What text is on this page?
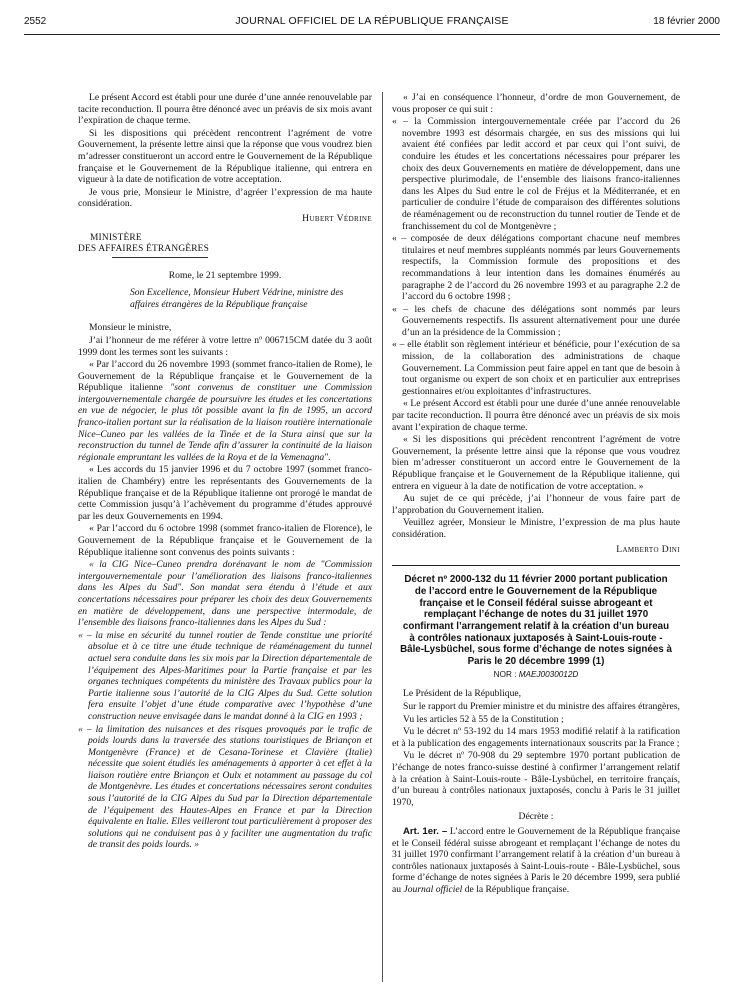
2552	JOURNAL OFFICIEL DE LA RÉPUBLIQUE FRANÇAISE	18 février 2000

Le présent Accord est établi pour une durée d’une année renouvelable par tacite reconduction. Il pourra être dénoncé avec un préavis de six mois avant l’expiration de chaque terme.

Si les dispositions qui précèdent rencontrent l’agrément de votre Gouvernement, la présente lettre ainsi que la réponse que vous voudrez bien m’adresser constitueront un accord entre le Gouvernement de la République française et le Gouvernement de la République italienne, qui entrera en vigueur à la date de notification de votre acceptation.

Je vous prie, Monsieur le Ministre, d’agréer l’expression de ma haute considération.

Hubert Védrine

MINISTÈRE

DES AFFAIRES ÉTRANGÈRES

Rome, le 21 septembre 1999.

Son Excellence, Monsieur Hubert Védrine, ministre des affaires étrangères de la République française

Monsieur le ministre,

J’ai l’honneur de me référer à votre lettre nº 006715CM datée du 3 août 1999 dont les termes sont les suivants :

« Par l’accord du 26 novembre 1993 (sommet franco-italien de Rome), le Gouvernement de la République française et le Gouvernement de la République italienne "sont convenus de constituer une Commission intergouvernementale chargée de poursuivre les études et les concertations en vue de négocier, le plus tôt possible avant la fin de 1995, un accord franco-italien portant sur la réalisation de la liaison routière internationale Nice–Cuneo par les vallées de la Tinée et de la Stura ainsi que sur la reconstruction du tunnel de Tende afin d’assurer la continuité de la liaison régionale empruntant les vallées de la Roya et de la Vemenagna".

« Les accords du 15 janvier 1996 et du 7 octobre 1997 (sommet franco-italien de Chambéry) entre les représentants des Gouvernements de la République française et de la République italienne ont prorogé le mandat de cette Commission jusqu’à l’achèvement du programme d’études approuvé par les deux Gouvernements en 1994.

« Par l’accord du 6 octobre 1998 (sommet franco-italien de Florence), le Gouvernement de la République française et le Gouvernement de la République italienne sont convenus des points suivants :

« la CIG Nice–Cuneo prendra dorénavant le nom de "Commission intergouvernementale pour l’amélioration des liaisons franco-italiennes dans les Alpes du Sud". Son mandat sera étendu à l’étude et aux concertations nécessaires pour préparer les choix des deux Gouvernements en matière de développement, dans une perspective intermodale, de l’ensemble des liaisons franco-italiennes dans les Alpes du Sud :

« – la mise en sécurité du tunnel routier de Tende constitue une priorité absolue et à ce titre une étude technique de réaménagement du tunnel actuel sera conduite dans les six mois par la Direction départementale de l’équipement des Alpes-Maritimes pour la Partie française et par les organes techniques compétents du ministère des Travaux publics pour la Partie italienne sous l’autorité de la CIG Alpes du Sud. Cette solution fera ensuite l’objet d’une étude comparative avec l’hypothèse d’une construction neuve envisagée dans le mandat donné à la CIG en 1993 ;

« – la limitation des nuisances et des risques provoqués par le trafic de poids lourds dans la traversée des stations touristiques de Briançon et Montgenèvre (France) et de Cesana-Torinese et Clavière (Italie) nécessite que soient étudiés les aménagements à apporter à cet effet à la liaison routière entre Briançon et Oulx et notamment au passage du col de Montgenèvre. Les études et concertations nécessaires seront conduites sous l’autorité de la CIG Alpes du Sud par la Direction départementale de l’équipement des Hautes-Alpes en France et par la Direction équivalente en Italie. Elles veilleront tout particulièrement à proposer des solutions qui ne conduisent pas à y faciliter une augmentation du trafic de transit des poids lourds. »

« J’ai en conséquence l’honneur, d’ordre de mon Gouvernement, de vous proposer ce qui suit :

« – la Commission intergouvernementale créée par l’accord du 26 novembre 1993 est désormais chargée, en sus des missions qui lui avaient été confiées par ledit accord et par ceux qui l’ont suivi, de conduire les études et les concertations nécessaires pour préparer les choix des deux Gouvernements en matière de développement, dans une perspective plurimodale, de l’ensemble des liaisons franco-italiennes dans les Alpes du Sud entre le col de Fréjus et la Méditerranée, et en particulier de conduire l’étude de comparaison des différentes solutions de réaménagement ou de reconstruction du tunnel routier de Tende et de franchissement du col de Montgenèvre ;

« – composée de deux délégations comportant chacune neuf membres titulaires et neuf membres suppléants nommés par leurs Gouvernements respectifs, la Commission formule des propositions et des recommandations à leur intention dans les domaines énumérés au paragraphe 2 de l’accord du 26 novembre 1993 et au paragraphe 2.2 de l’accord du 6 octobre 1998 ;

« – les chefs de chacune des délégations sont nommés par leurs Gouvernements respectifs. Ils assurent alternativement pour une durée d’un an la présidence de la Commission ;

« – elle établit son règlement intérieur et bénéficie, pour l’exécution de sa mission, de la collaboration des administrations de chaque Gouvernement. La Commission peut faire appel en tant que de besoin à tout organisme ou expert de son choix et en particulier aux entreprises gestionnaires et/ou exploitantes d’infrastructures.

« Le présent Accord est établi pour une durée d’une année renouvelable par tacite reconduction. Il pourra être dénoncé avec un préavis de six mois avant l’expiration de chaque terme.

« Si les dispositions qui précèdent rencontrent l’agrément de votre Gouvernement, la présente lettre ainsi que la réponse que vous voudrez bien m’adresser constitueront un accord entre le Gouvernement de la République française et le Gouvernement de la République italienne, qui entrera en vigueur à la date de notification de votre acceptation. »

Au sujet de ce qui précède, j’ai l’honneur de vous faire part de l’approbation du Gouvernement italien.

Veuillez agréer, Monsieur le Ministre, l’expression de ma plus haute considération.

Lamberto Dini

Décret nº 2000-132 du 11 février 2000 portant publication de l’accord entre le Gouvernement de la République française et le Conseil fédéral suisse abrogeant et remplaçant l’échange de notes du 31 juillet 1970 confirmant l’arrangement relatif à la création d’un bureau à contrôles nationaux juxtaposés à Saint-Louis-route - Bâle-Lysbüchel, sous forme d’échange de notes signées à Paris le 20 décembre 1999 (1)

NOR : MAEJ0030012D

Le Président de la République,

Sur le rapport du Premier ministre et du ministre des affaires étrangères,

Vu les articles 52 à 55 de la Constitution ;

Vu le décret nº 53-192 du 14 mars 1953 modifié relatif à la ratification et à la publication des engagements internationaux souscrits par la France ;

Vu le décret nº 70-908 du 29 septembre 1970 portant publication de l’échange de notes franco-suisse destiné à confirmer l’arrangement relatif à la création à Saint-Louis-route - Bâle-Lysbüchel, en territoire français, d’un bureau à contrôles nationaux juxtaposés, conclu à Paris le 31 juillet 1970,

Décrète :

Art. 1er. – L’accord entre le Gouvernement de la République française et le Conseil fédéral suisse abrogeant et remplaçant l’échange de notes du 31 juillet 1970 confirmant l’arrangement relatif à la création d’un bureau à contrôles nationaux juxtaposés à Saint-Louis-route - Bâle-Lysbüchel, sous forme d’échange de notes signées à Paris le 20 décembre 1999, sera publié au Journal officiel de la République française.
